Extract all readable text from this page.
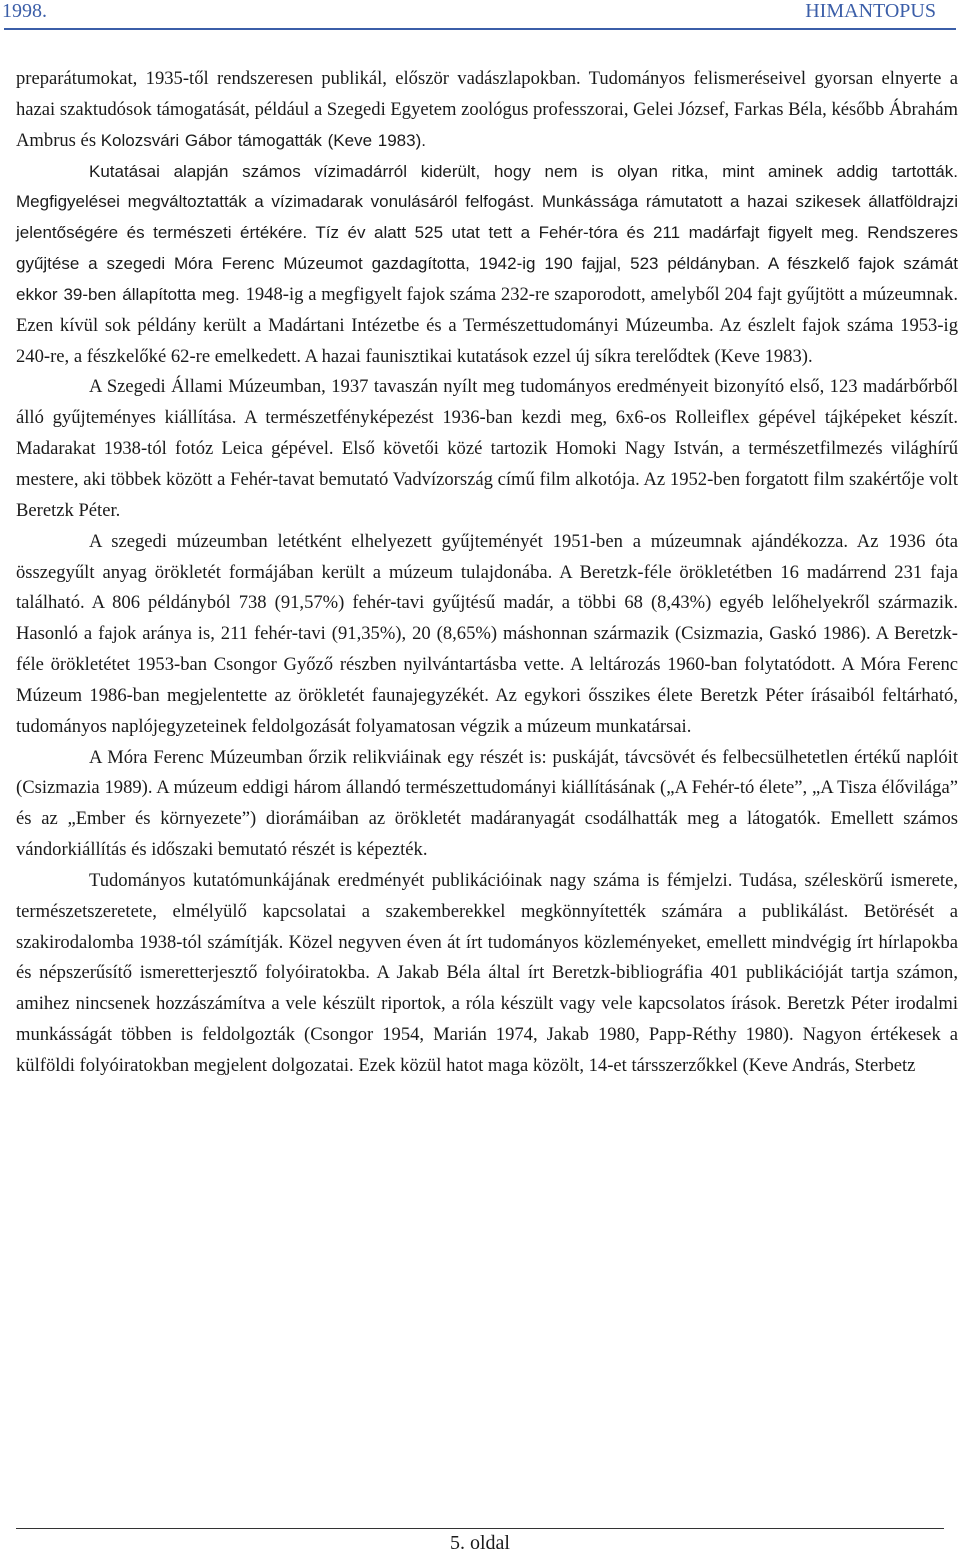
1998.	HIMANTOPUS

preparátumokat, 1935-től rendszeresen publikál, először vadászlapokban. Tudományos felismeréseivel gyorsan elnyerte a hazai szaktudósok támogatását, például a Szegedi Egyetem zoológus professzorai, Gelei József, Farkas Béla, később Ábrahám Ambrus és Kolozsvári Gábor támogatták (Keve 1983).

Kutatásai alapján számos vízimadárról kiderült, hogy nem is olyan ritka, mint aminek addig tartották. Megfigyelései megváltoztatták a vízimadarak vonulásáról felfogást. Munkássága rámutatott a hazai szikesek állatföldrajzi jelentőségére és természeti értékére. Tíz év alatt 525 utat tett a Fehér-tóra és 211 madárfajt figyelt meg. Rendszeres gyűjtése a szegedi Móra Ferenc Múzeumot gazdagította, 1942-ig 190 fajjal, 523 példányban. A fészkelő fajok számát ekkor 39-ben állapította meg. 1948-ig a megfigyelt fajok száma 232-re szaporodott, amelyből 204 fajt gyűjtött a múzeumnak. Ezen kívül sok példány került a Madártani Intézetbe és a Természettudományi Múzeumba. Az észlelt fajok száma 1953-ig 240-re, a fészkelőké 62-re emelkedett. A hazai faunisztikai kutatások ezzel új síkra terelődtek (Keve 1983).

A Szegedi Állami Múzeumban, 1937 tavaszán nyílt meg tudományos eredményeit bizonyító első, 123 madárbőrből álló gyűjteményes kiállítása. A természetfényképezést 1936-ban kezdi meg, 6x6-os Rolleiflex gépével tájképeket készít. Madarakat 1938-tól fotóz Leica gépével. Első követői közé tartozik Homoki Nagy István, a természetfilmezés világhírű mestere, aki többek között a Fehér-tavat bemutató Vadvízország című film alkotója. Az 1952-ben forgatott film szakértője volt Beretzk Péter.

A szegedi múzeumban letétként elhelyezett gyűjteményét 1951-ben a múzeumnak ajándékozza. Az 1936 óta összegyűlt anyag örökletét formájában került a múzeum tulajdonába. A Beretzk-féle örökletétben 16 madárrend 231 faja található. A 806 példányból 738 (91,57%) fehér-tavi gyűjtésű madár, a többi 68 (8,43%) egyéb lelőhelyekről származik. Hasonló a fajok aránya is, 211 fehér-tavi (91,35%), 20 (8,65%) máshonnan származik (Csizmazia, Gaskó 1986). A Beretzk-féle örökletétet 1953-ban Csongor Győző részben nyilvántartásba vette. A leltározás 1960-ban folytatódott. A Móra Ferenc Múzeum 1986-ban megjelentette az örökletét faunajegyzékét. Az egykori ősszikes élete Beretzk Péter írásaiból feltárható, tudományos naplójegyzeteinek feldolgozását folyamatosan végzik a múzeum munkatársai.

A Móra Ferenc Múzeumban őrzik relikviáinak egy részét is: puskáját, távcsövét és felbecsülhetetlen értékű naplóit (Csizmazia 1989). A múzeum eddigi három állandó természettudományi kiállításának („A Fehér-tó élete”, „A Tisza élővilága” és az „Ember és környezete”) diorámáiban az örökletét madáranyagát csodálhatták meg a látogatók. Emellett számos vándorkiállítás és időszaki bemutató részét is képezték.

Tudományos kutatómunkájának eredményét publikációinak nagy száma is fémjelzi. Tudása, széleskörű ismerete, természetszeretete, elmélyülő kapcsolatai a szakemberekkel megkönnyítették számára a publikálást. Betörését a szakirodalomba 1938-tól számítják. Közel negyven éven át írt tudományos közleményeket, emellett mindvégig írt hírlapokba és népszerűsítő ismeretterjesztő folyóiratokba. A Jakab Béla által írt Beretzk-bibliográfia 401 publikációját tartja számon, amihez nincsenek hozzászámítva a vele készült riportok, a róla készült vagy vele kapcsolatos írások. Beretzk Péter irodalmi munkásságát többen is feldolgozták (Csongor 1954, Marián 1974, Jakab 1980, Papp-Réthy 1980). Nagyon értékesek a külföldi folyóiratokban megjelent dolgozatai. Ezek közül hatot maga közölt, 14-et társszerzőkkel (Keve András, Sterbetz

5. oldal
